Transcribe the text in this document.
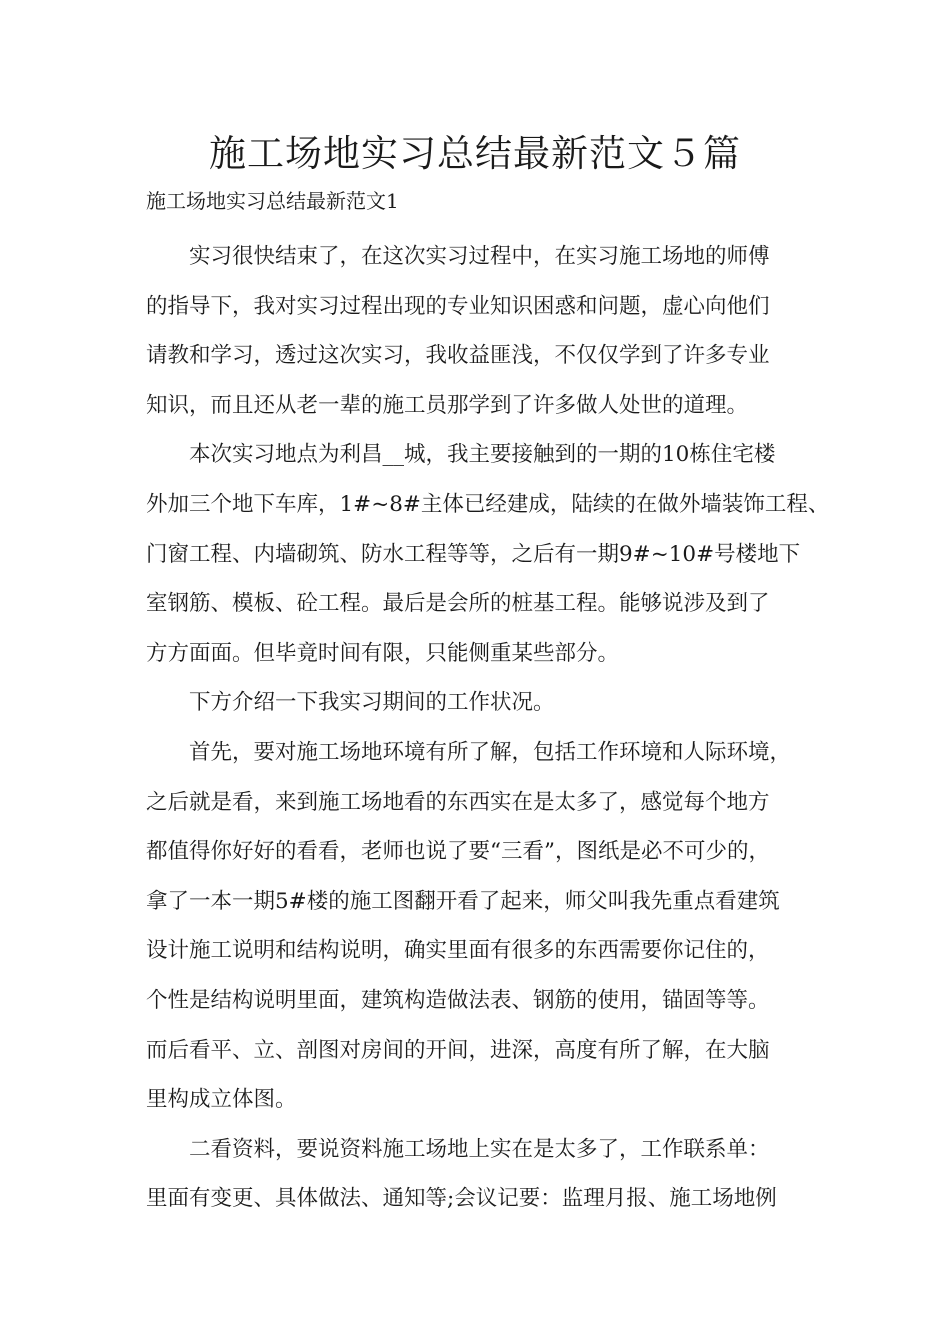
施工场地实习总结最新范文５篇

施工场地实习总结最新范文1

实习很快结束了，在这次实习过程中，在实习施工场地的师傅
的指导下，我对实习过程出现的专业知识困惑和问题，虚心向他们
请教和学习，透过这次实习，我收益匪浅，不仅仅学到了许多专业
知识，而且还从老一辈的施工员那学到了许多做人处世的道理。

本次实习地点为利昌__城，我主要接触到的一期的10栋住宅楼
外加三个地下车库，1#~8#主体已经建成，陆续的在做外墙装饰工程、
门窗工程、内墙砌筑、防水工程等等，之后有一期9#~10#号楼地下
室钢筋、模板、砼工程。最后是会所的桩基工程。能够说涉及到了
方方面面。但毕竟时间有限，只能侧重某些部分。

下方介绍一下我实习期间的工作状况。

首先，要对施工场地环境有所了解，包括工作环境和人际环境，
之后就是看，来到施工场地看的东西实在是太多了，感觉每个地方
都值得你好好的看看，老师也说了要“三看”，图纸是必不可少的，
拿了一本一期5#楼的施工图翻开看了起来，师父叫我先重点看建筑
设计施工说明和结构说明，确实里面有很多的东西需要你记住的，
个性是结构说明里面，建筑构造做法表、钢筋的使用，锚固等等。
而后看平、立、剖图对房间的开间，进深，高度有所了解，在大脑
里构成立体图。

二看资料，要说资料施工场地上实在是太多了，工作联系单：
里面有变更、具体做法、通知等;会议记要：监理月报、施工场地例
